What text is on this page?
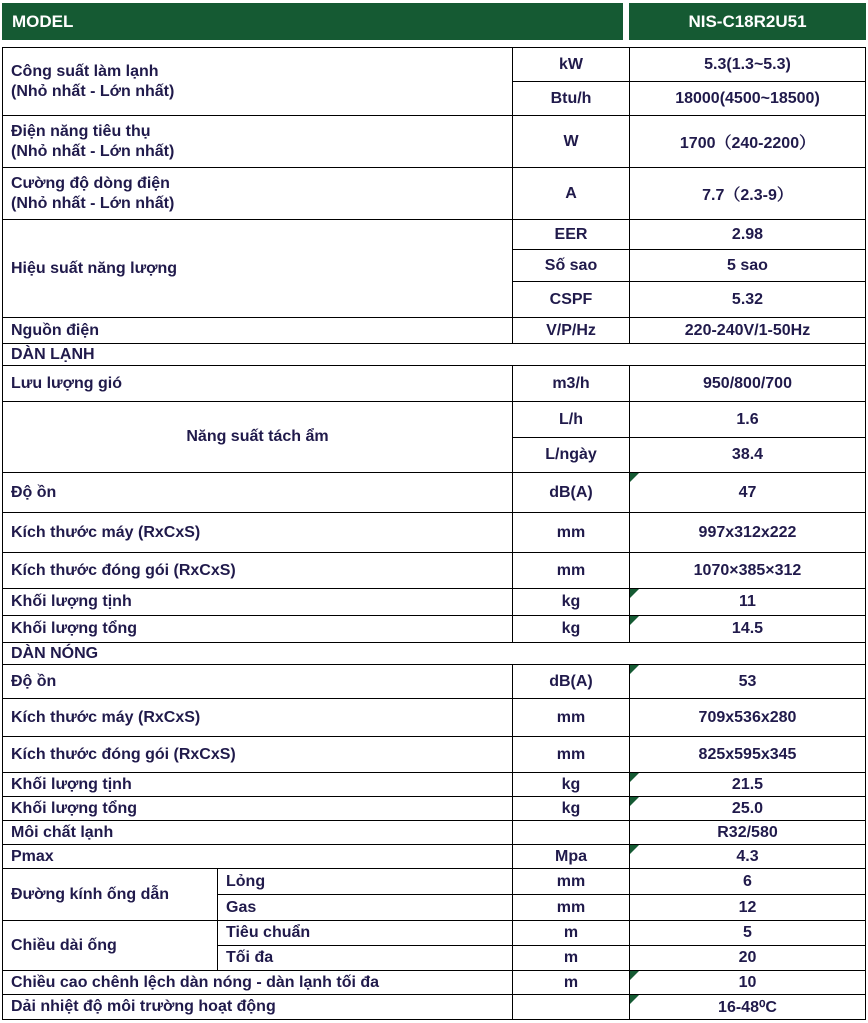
MODEL	NIS-C18R2U51
Công suất làm lạnh
(Nhỏ nhất - Lớn nhất)		kW	5.3(1.3~5.3)
		Btu/h	18000(4500~18500)

Điện năng tiêu thụ
(Nhỏ nhất - Lớn nhất)		W	1700（240-2200）

Cường độ dòng điện
(Nhỏ nhất - Lớn nhất)		A	7.7（2.3-9）
Hiệu suất năng lượng		EER	2.98
		Số sao	5 sao
		CSPF	5.32
Nguồn điện		V/P/Hz	220-240V/1-50Hz
DÀN LẠNH			
Lưu lượng gió		m3/h	950/800/700
Năng suất tách ẩm		L/h	1.6
		L/ngày	38.4
Độ ồn		dB(A)	47
Kích thước máy (RxCxS)		mm	997x312x222
Kích thước đóng gói (RxCxS)		mm	1070×385×312
Khối lượng tịnh		kg	11
Khối lượng tổng		kg	14.5
DÀN NÓNG			
Độ ồn		dB(A)	53
Kích thước máy (RxCxS)		mm	709x536x280
Kích thước đóng gói (RxCxS)		mm	825x595x345
Khối lượng tịnh		kg	21.5
Khối lượng tổng		kg	25.0
Môi chất lạnh			R32/580
Pmax		Mpa	4.3
Đường kính ống dẫn	Lỏng	mm	6
	Gas	mm	12
Chiều dài ống	Tiêu chuẩn	m	5
	Tối đa	m	20
Chiều cao chênh lệch dàn nóng - dàn lạnh tối đa		m	10
Dải nhiệt độ môi trường hoạt động			16-48⁰C
